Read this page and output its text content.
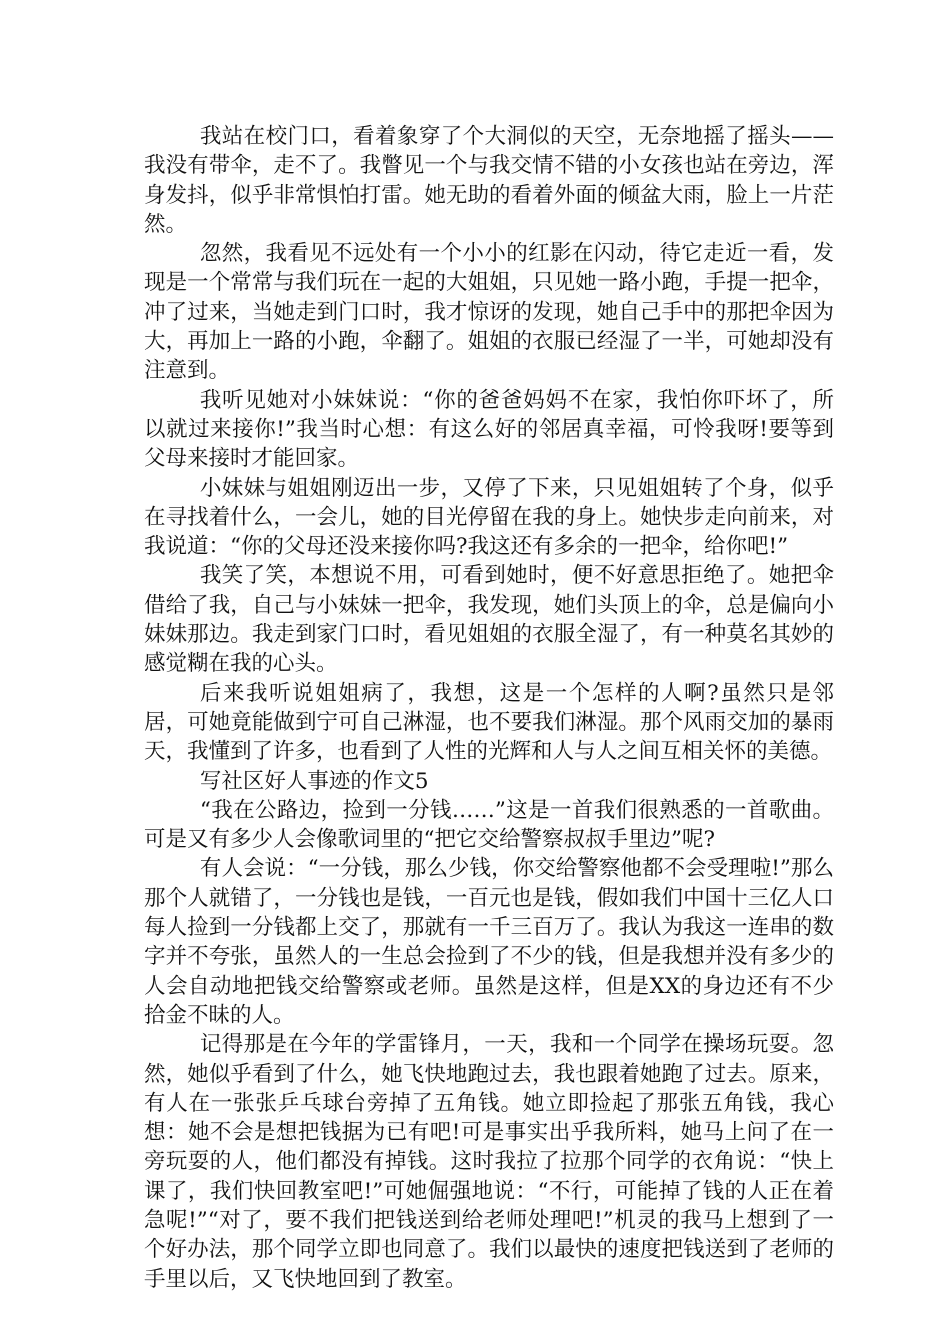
我站在校门口，看着象穿了个大洞似的天空，无奈地摇了摇头——我没有带伞，走不了。我瞥见一个与我交情不错的小女孩也站在旁边，浑身发抖，似乎非常惧怕打雷。她无助的看着外面的倾盆大雨，脸上一片茫然。

忽然，我看见不远处有一个小小的红影在闪动，待它走近一看，发现是一个常常与我们玩在一起的大姐姐，只见她一路小跑，手提一把伞，冲了过来，当她走到门口时，我才惊讶的发现，她自己手中的那把伞因为大，再加上一路的小跑，伞翻了。姐姐的衣服已经湿了一半，可她却没有注意到。

我听见她对小妹妹说：“你的爸爸妈妈不在家，我怕你吓坏了，所以就过来接你!”我当时心想：有这么好的邻居真幸福，可怜我呀!要等到父母来接时才能回家。

小妹妹与姐姐刚迈出一步，又停了下来，只见姐姐转了个身，似乎在寻找着什么，一会儿，她的目光停留在我的身上。她快步走向前来，对我说道：“你的父母还没来接你吗?我这还有多余的一把伞，给你吧!”

我笑了笑，本想说不用，可看到她时，便不好意思拒绝了。她把伞借给了我，自己与小妹妹一把伞，我发现，她们头顶上的伞，总是偏向小妹妹那边。我走到家门口时，看见姐姐的衣服全湿了，有一种莫名其妙的感觉糊在我的心头。

后来我听说姐姐病了，我想，这是一个怎样的人啊?虽然只是邻居，可她竟能做到宁可自己淋湿，也不要我们淋湿。那个风雨交加的暴雨天，我懂到了许多，也看到了人性的光辉和人与人之间互相关怀的美德。

写社区好人事迹的作文5

“我在公路边，捡到一分钱……”这是一首我们很熟悉的一首歌曲。可是又有多少人会像歌词里的“把它交给警察叔叔手里边”呢?

有人会说：“一分钱，那么少钱，你交给警察他都不会受理啦!”那么那个人就错了，一分钱也是钱，一百元也是钱，假如我们中国十三亿人口每人捡到一分钱都上交了，那就有一千三百万了。我认为我这一连串的数字并不夸张，虽然人的一生总会捡到了不少的钱，但是我想并没有多少的人会自动地把钱交给警察或老师。虽然是这样，但是XX的身边还有不少拾金不昧的人。

记得那是在今年的学雷锋月，一天，我和一个同学在操场玩耍。忽然，她似乎看到了什么，她飞快地跑过去，我也跟着她跑了过去。原来，有人在一张张乒乓球台旁掉了五角钱。她立即捡起了那张五角钱，我心想：她不会是想把钱据为已有吧!可是事实出乎我所料，她马上问了在一旁玩耍的人，他们都没有掉钱。这时我拉了拉那个同学的衣角说：“快上课了，我们快回教室吧!”可她倔强地说：“不行，可能掉了钱的人正在着急呢!”“对了，要不我们把钱送到给老师处理吧!”机灵的我马上想到了一个好办法，那个同学立即也同意了。我们以最快的速度把钱送到了老师的手里以后，又飞快地回到了教室。
